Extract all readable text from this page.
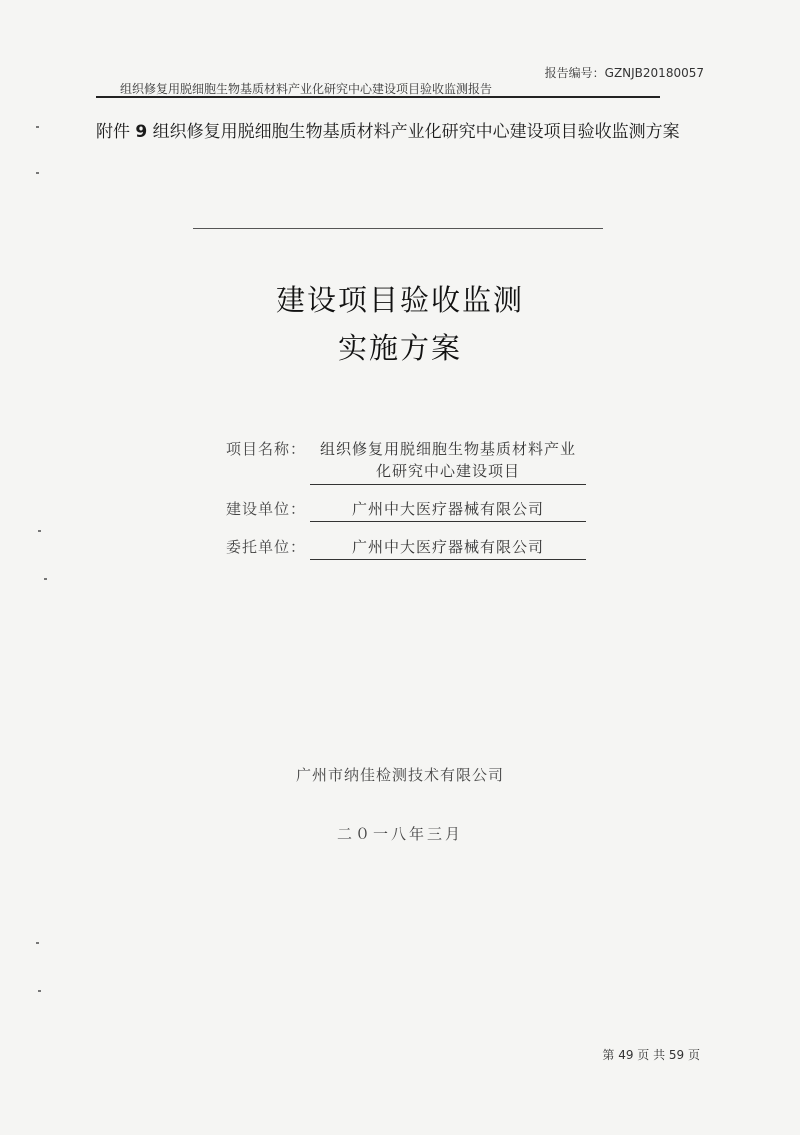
报告编号：GZNJB20180057
组织修复用脱细胞生物基质材料产业化研究中心建设项目验收监测报告
附件 9 组织修复用脱细胞生物基质材料产业化研究中心建设项目验收监测方案
建设项目验收监测
实施方案
项目名称： 组织修复用脱细胞生物基质材料产业
化研究中心建设项目
建设单位：	广州中大医疗器械有限公司
委托单位：	广州中大医疗器械有限公司
广州市纳佳检测技术有限公司
二０一八年三月
第 49 页 共 59 页
